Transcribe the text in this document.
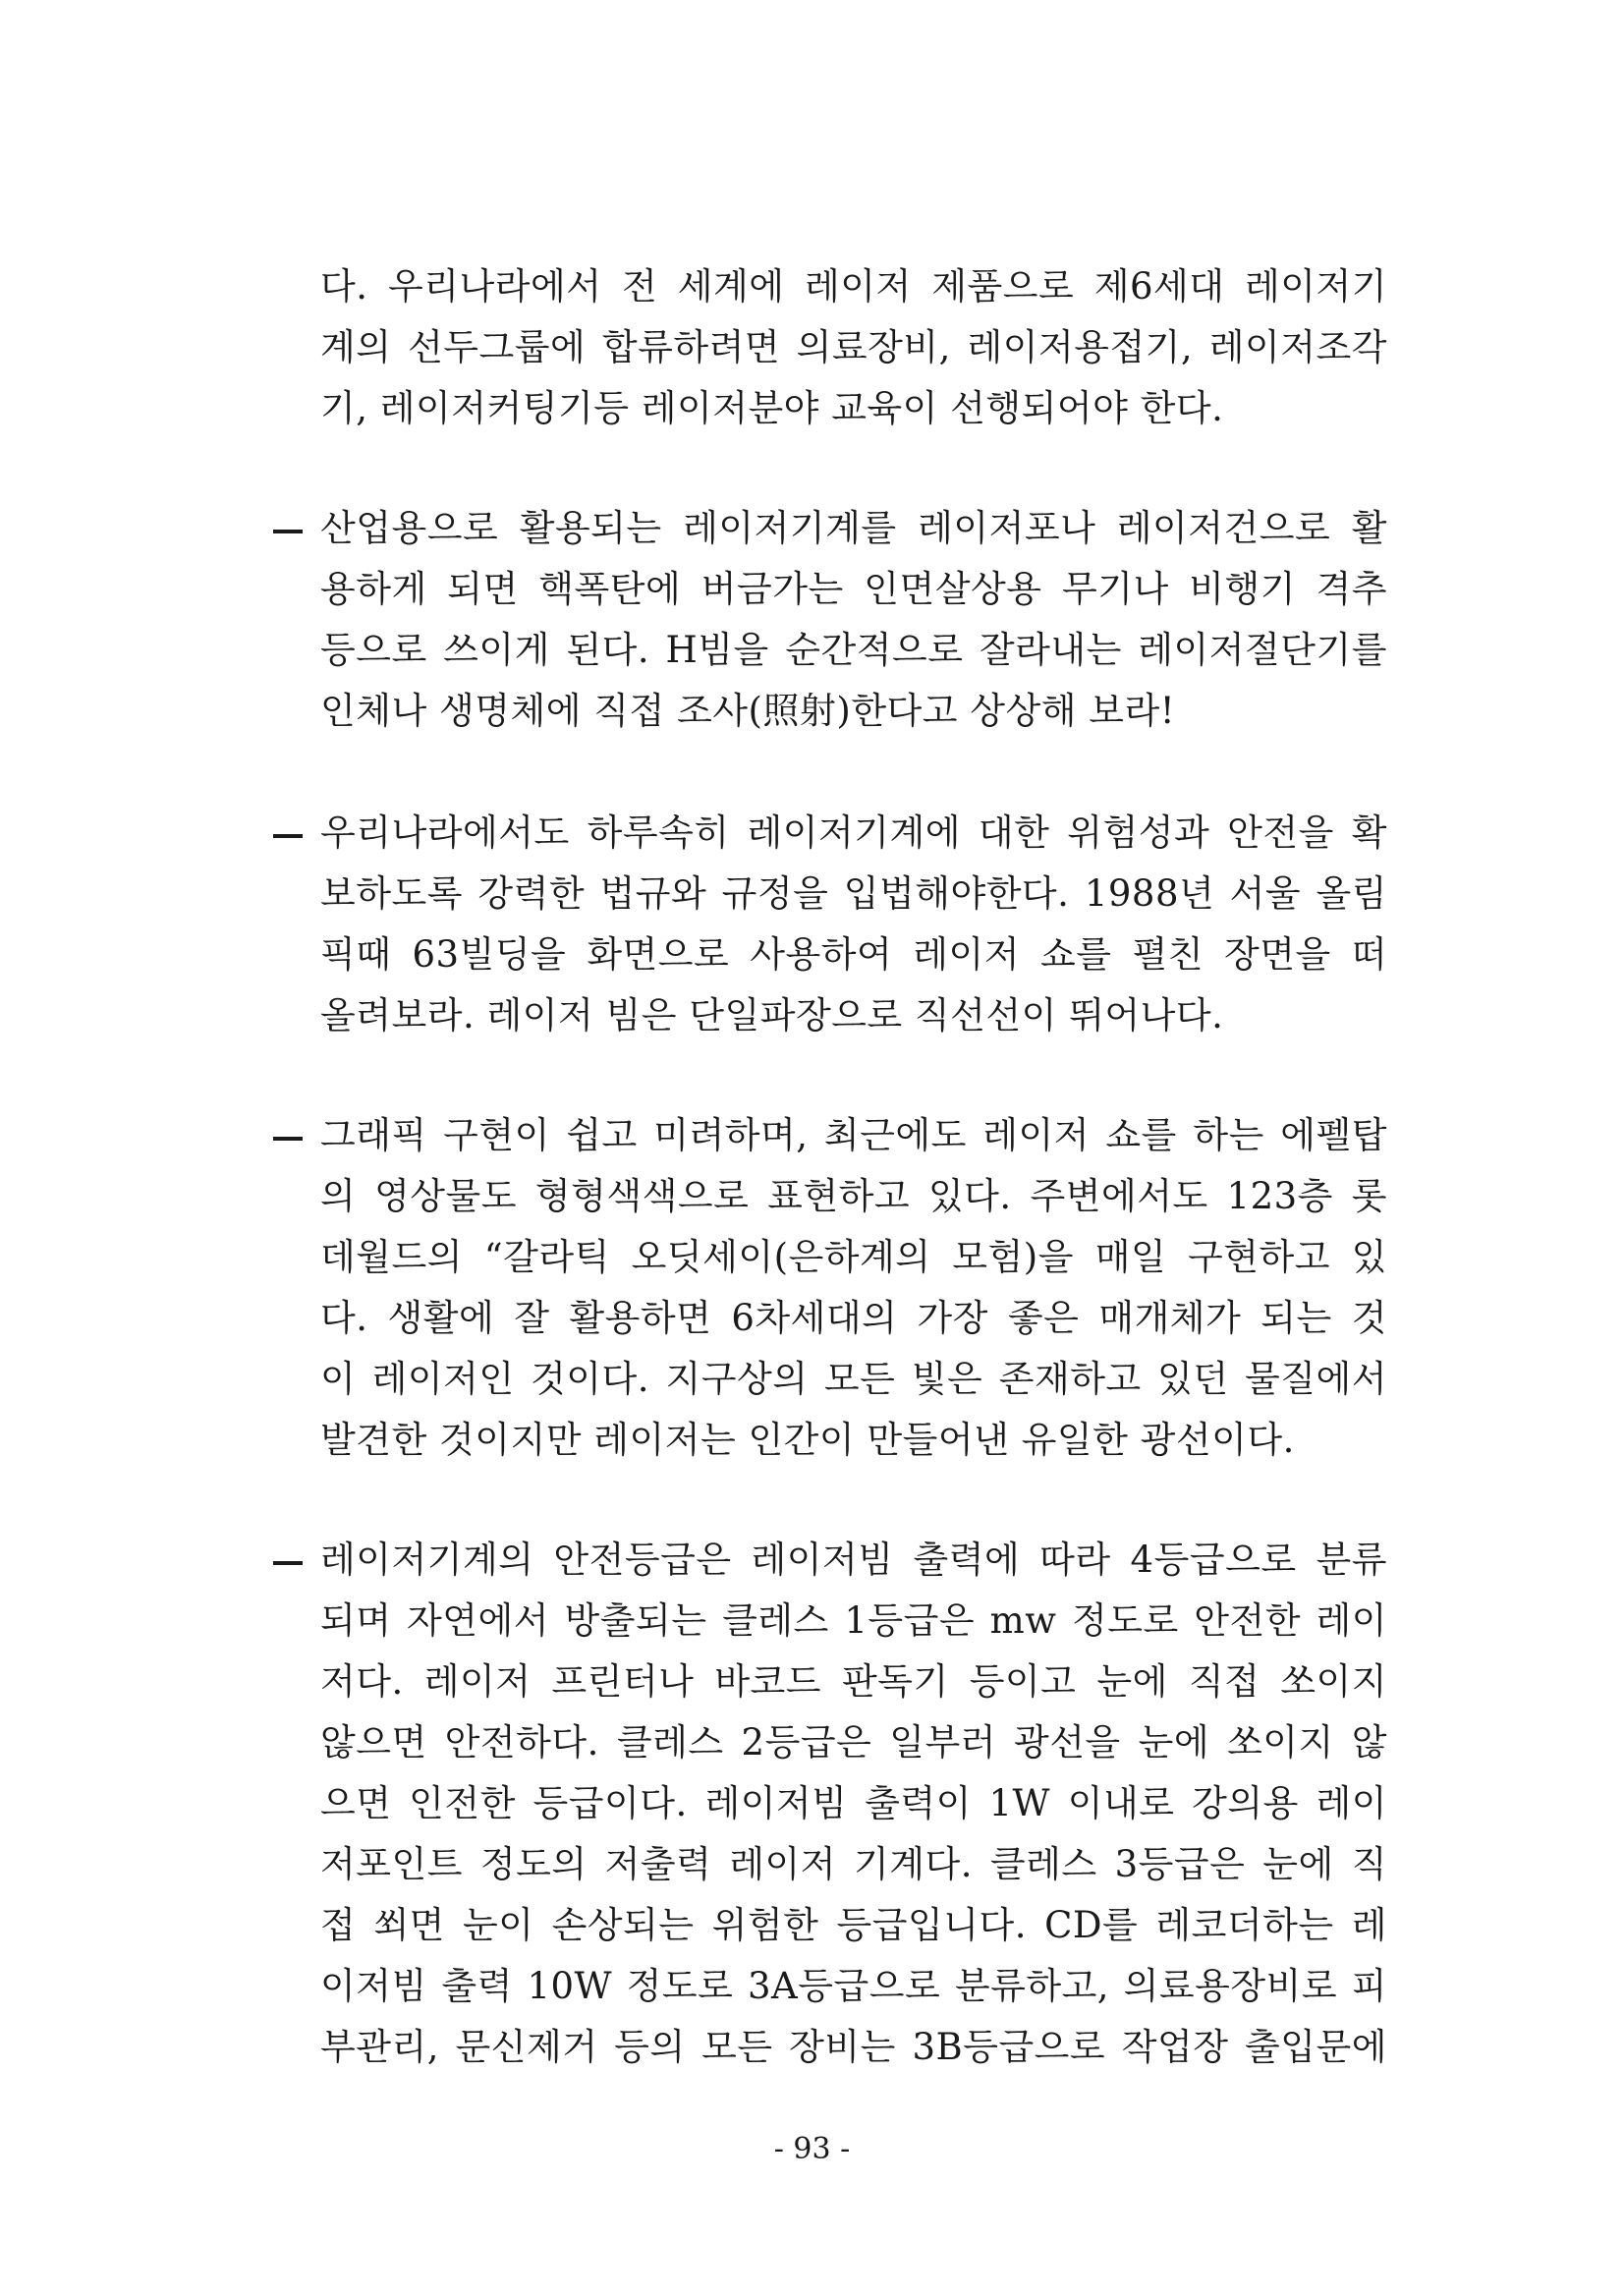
다. 우리나라에서 전 세계에 레이저 제품으로 제6세대 레이저기
계의 선두그룹에 합류하려면 의료장비, 레이저용접기, 레이저조각
기, 레이저커팅기등 레이저분야 교육이 선행되어야 한다.
산업용으로 활용되는 레이저기계를 레이저포나 레이저건으로 활
용하게 되면 핵폭탄에 버금가는 인면살상용 무기나 비행기 격추
등으로 쓰이게 된다. H빔을 순간적으로 잘라내는 레이저절단기를
인체나 생명체에 직접 조사(照射)한다고 상상해 보라!
우리나라에서도 하루속히 레이저기계에 대한 위험성과 안전을 확
보하도록 강력한 법규와 규정을 입법해야한다. 1988년 서울 올림
픽때 63빌딩을 화면으로 사용하여 레이저 쇼를 펼친 장면을 떠
올려보라. 레이저 빔은 단일파장으로 직선선이 뛰어나다.
그래픽 구현이 쉽고 미려하며, 최근에도 레이저 쇼를 하는 에펠탑
의 영상물도 형형색색으로 표현하고 있다. 주변에서도 123층 롯
데월드의 “갈라틱 오딧세이(은하계의 모험)을 매일 구현하고 있
다. 생활에 잘 활용하면 6차세대의 가장 좋은 매개체가 되는 것
이 레이저인 것이다. 지구상의 모든 빛은 존재하고 있던 물질에서
발견한 것이지만 레이저는 인간이 만들어낸 유일한 광선이다.
레이저기계의 안전등급은 레이저빔 출력에 따라 4등급으로 분류
되며 자연에서 방출되는 클레스 1등급은 mw 정도로 안전한 레이
저다. 레이저 프린터나 바코드 판독기 등이고 눈에 직접 쏘이지
않으면 안전하다. 클레스 2등급은 일부러 광선을 눈에 쏘이지 않
으면 인전한 등급이다. 레이저빔 출력이 1W 이내로 강의용 레이
저포인트 정도의 저출력 레이저 기계다. 클레스 3등급은 눈에 직
접 쐬면 눈이 손상되는 위험한 등급입니다. CD를 레코더하는 레
이저빔 출력 10W 정도로 3A등급으로 분류하고, 의료용장비로 피
부관리, 문신제거 등의 모든 장비는 3B등급으로 작업장 출입문에
- 93 -
